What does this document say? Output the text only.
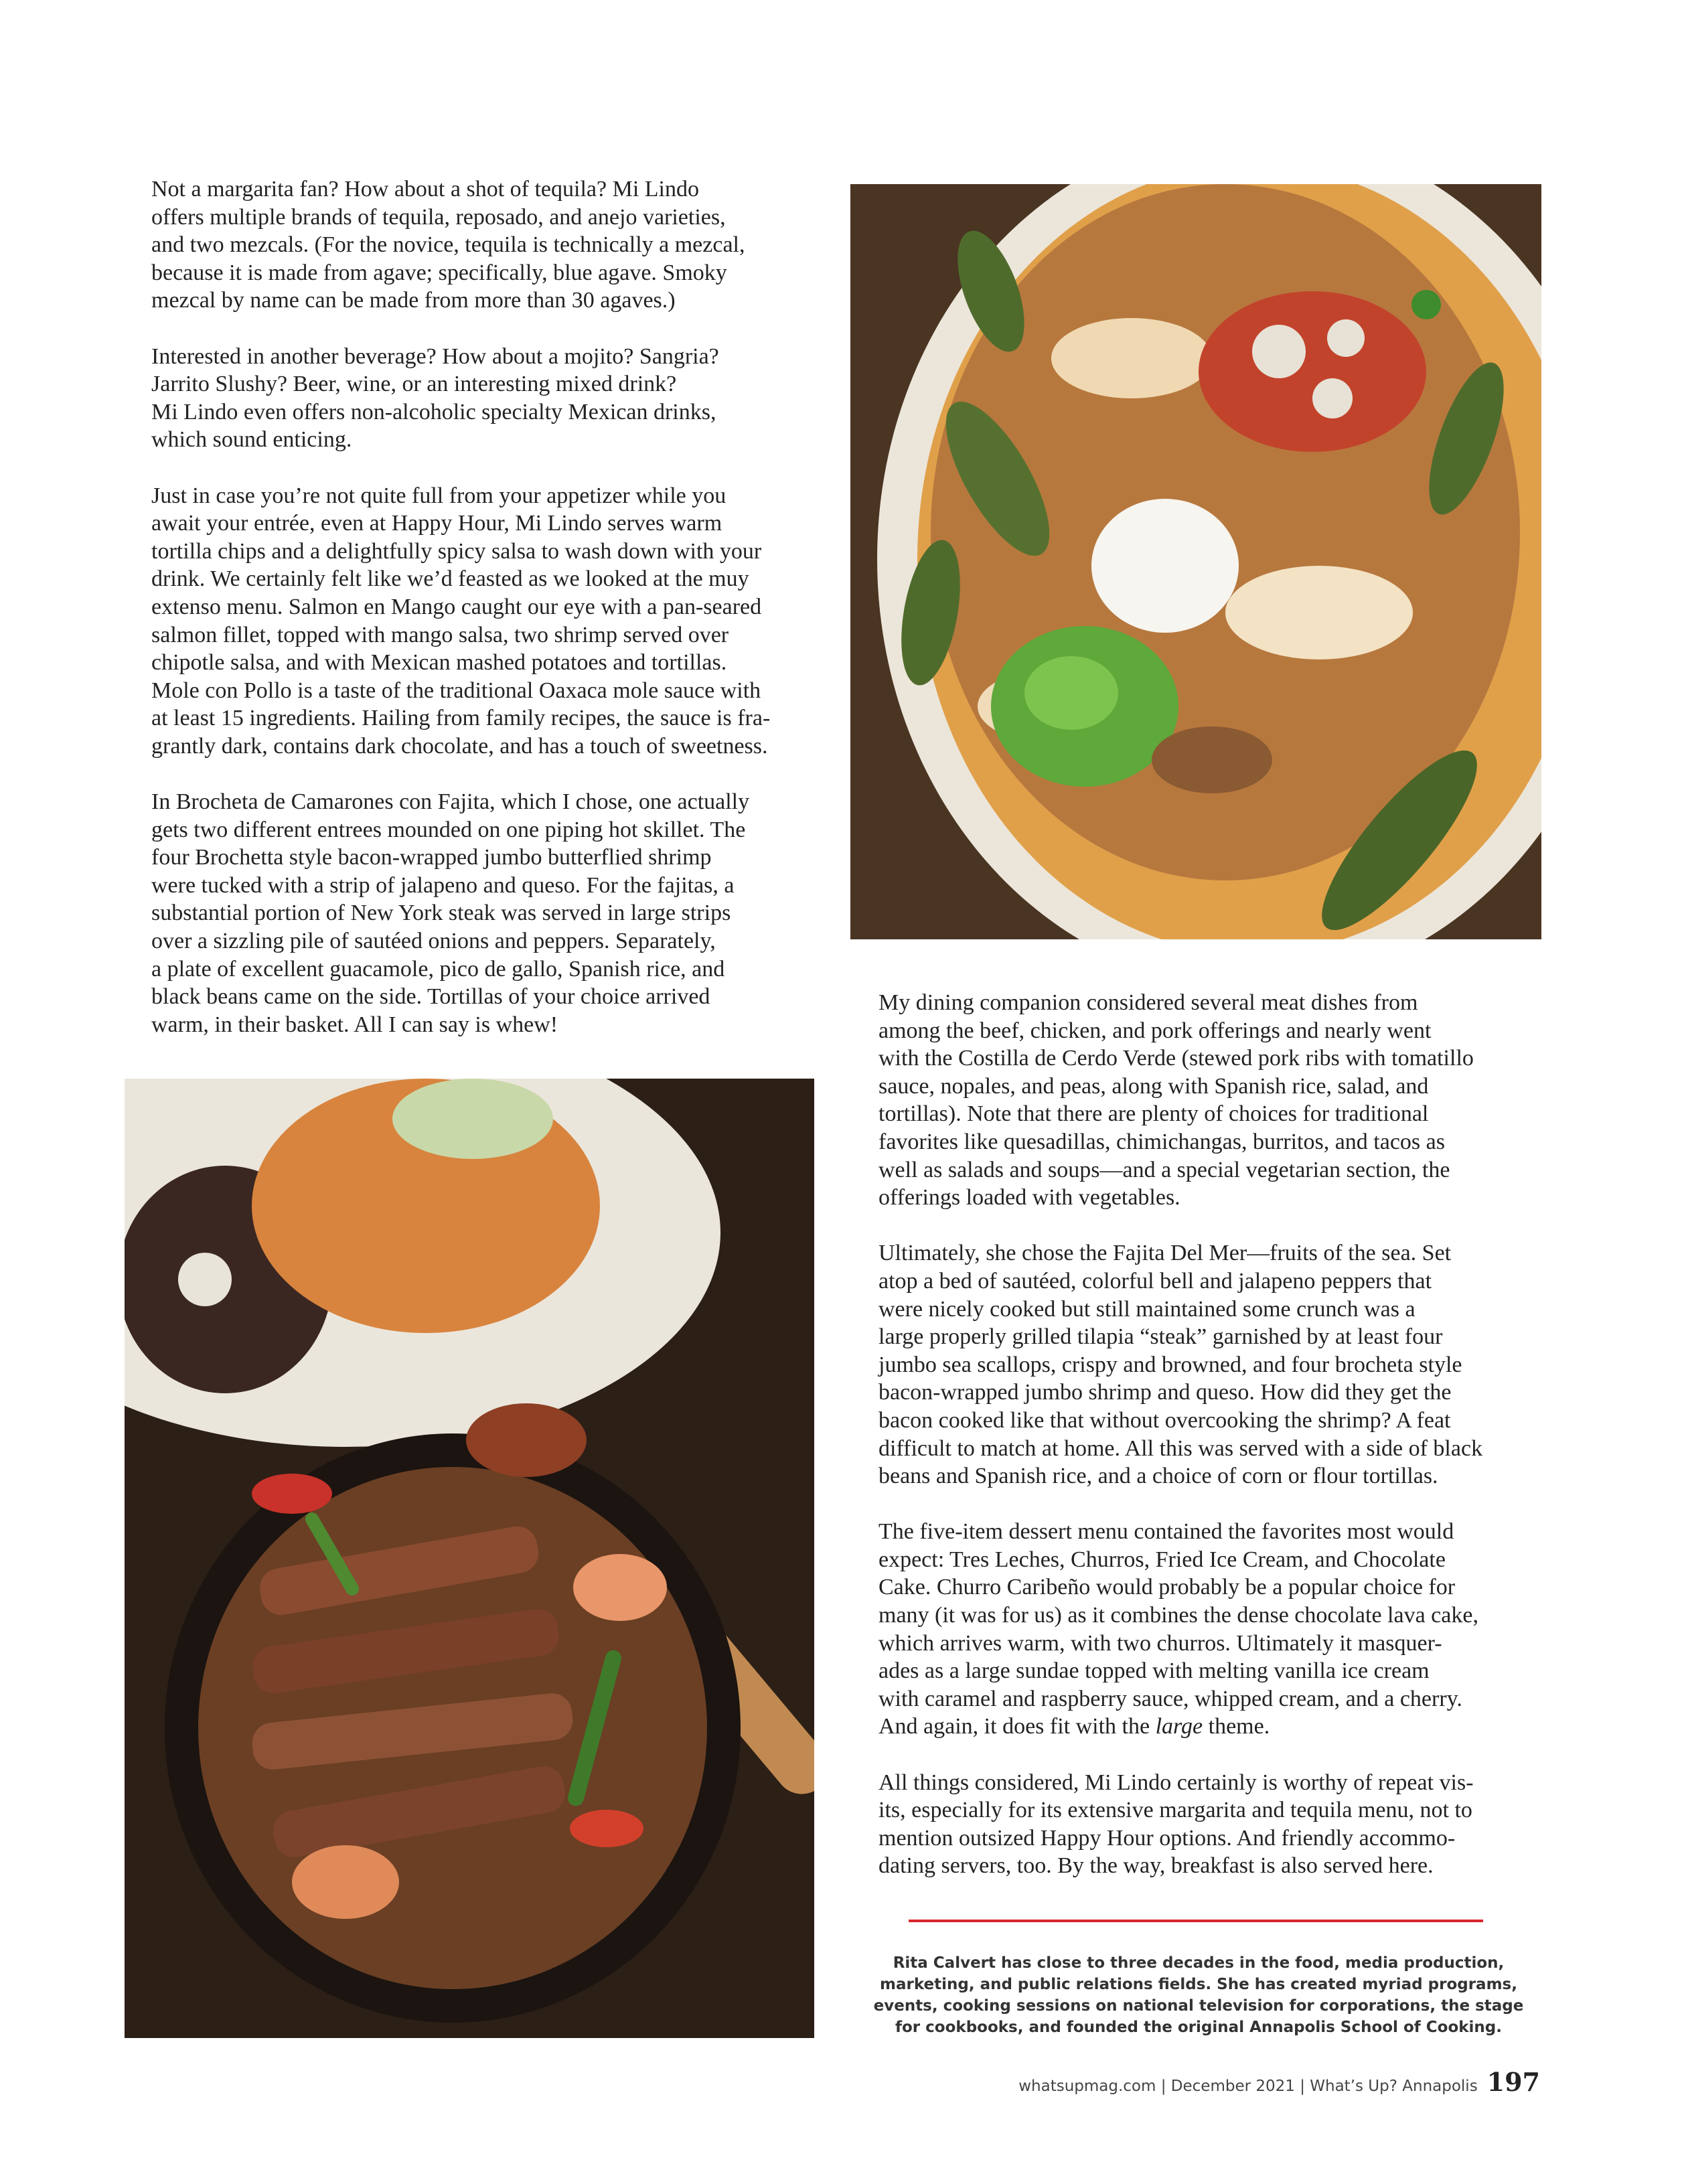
Not a margarita fan? How about a shot of tequila? Mi Lindo
offers multiple brands of tequila, reposado, and anejo varieties,
and two mezcals. (For the novice, tequila is technically a mezcal,
because it is made from agave; specifically, blue agave. Smoky
mezcal by name can be made from more than 30 agaves.)

Interested in another beverage? How about a mojito? Sangria?
Jarrito Slushy? Beer, wine, or an interesting mixed drink?
Mi Lindo even offers non-alcoholic specialty Mexican drinks,
which sound enticing.

Just in case you’re not quite full from your appetizer while you
await your entrée, even at Happy Hour, Mi Lindo serves warm
tortilla chips and a delightfully spicy salsa to wash down with your
drink. We certainly felt like we’d feasted as we looked at the muy
extenso menu. Salmon en Mango caught our eye with a pan-seared
salmon fillet, topped with mango salsa, two shrimp served over
chipotle salsa, and with Mexican mashed potatoes and tortillas.
Mole con Pollo is a taste of the traditional Oaxaca mole sauce with
at least 15 ingredients. Hailing from family recipes, the sauce is fra-
grantly dark, contains dark chocolate, and has a touch of sweetness.

In Brocheta de Camarones con Fajita, which I chose, one actually
gets two different entrees mounded on one piping hot skillet. The
four Brochetta style bacon-wrapped jumbo butterflied shrimp
were tucked with a strip of jalapeno and queso. For the fajitas, a
substantial portion of New York steak was served in large strips
over a sizzling pile of sautéed onions and peppers. Separately,
a plate of excellent guacamole, pico de gallo, Spanish rice, and
black beans came on the side. Tortillas of your choice arrived
warm, in their basket. All I can say is whew!

My dining companion considered several meat dishes from
among the beef, chicken, and pork offerings and nearly went
with the Costilla de Cerdo Verde (stewed pork ribs with tomatillo
sauce, nopales, and peas, along with Spanish rice, salad, and
tortillas). Note that there are plenty of choices for traditional
favorites like quesadillas, chimichangas, burritos, and tacos as
well as salads and soups—and a special vegetarian section, the
offerings loaded with vegetables.

Ultimately, she chose the Fajita Del Mer—fruits of the sea. Set
atop a bed of sautéed, colorful bell and jalapeno peppers that
were nicely cooked but still maintained some crunch was a
large properly grilled tilapia “steak” garnished by at least four
jumbo sea scallops, crispy and browned, and four brocheta style
bacon-wrapped jumbo shrimp and queso. How did they get the
bacon cooked like that without overcooking the shrimp? A feat
difficult to match at home. All this was served with a side of black
beans and Spanish rice, and a choice of corn or flour tortillas.

The five-item dessert menu contained the favorites most would
expect: Tres Leches, Churros, Fried Ice Cream, and Chocolate
Cake. Churro Caribeño would probably be a popular choice for
many (it was for us) as it combines the dense chocolate lava cake,
which arrives warm, with two churros. Ultimately it masquer-
ades as a large sundae topped with melting vanilla ice cream
with caramel and raspberry sauce, whipped cream, and a cherry.
And again, it does fit with the large theme.

All things considered, Mi Lindo certainly is worthy of repeat vis-
its, especially for its extensive margarita and tequila menu, not to
mention outsized Happy Hour options. And friendly accommo-
dating servers, too. By the way, breakfast is also served here.

Rita Calvert has close to three decades in the food, media production,
marketing, and public relations fields. She has created myriad programs,
events, cooking sessions on national television for corporations, the stage
for cookbooks, and founded the original Annapolis School of Cooking.
whatsupmag.com | December 2021 | What’s Up? Annapolis 197
